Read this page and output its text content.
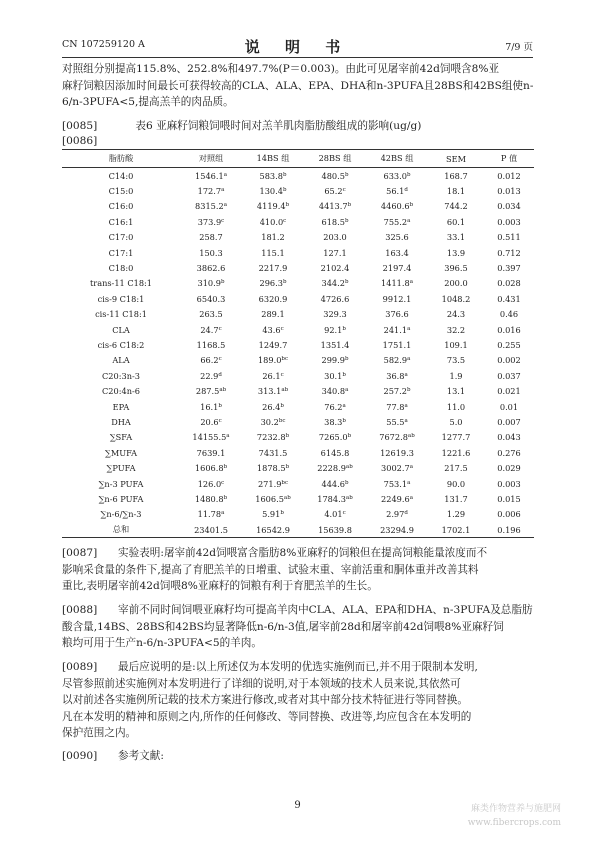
CN 107259120 A	说 明 书	7/9 页
对照组分别提高115.8%、252.8%和497.7%(P＝0.003)。由此可见屠宰前42d饲喂含8%亚
麻籽饲粮因添加时间最长可获得较高的CLA、ALA、EPA、DHA和n-3PUFA且28BS和42BS组使n-
6/n-3PUFA<5,提高羔羊的肉品质。
[0085]	表6 亚麻籽饲粮饲喂时间对羔羊肌肉脂肪酸组成的影响(ug/g)
[0086]
脂肪酸	对照组	14BS 组	28BS 组	42BS 组	SEM	P 值
C14:0	1546.1$^a$	583.8$^b$	480.5$^b$	633.0$^b$	168.7	0.012
C15:0	172.7$^a$	130.4$^b$	65.2$^c$	56.1$^d$	18.1	0.013
C16:0	8315.2$^a$	4119.4$^b$	4413.7$^b$	4460.6$^b$	744.2	0.034
C16:1	373.9$^c$	410.0$^c$	618.5$^b$	755.2$^a$	60.1	0.003
C17:0	258.7	181.2	203.0	325.6	33.1	0.511
C17:1	150.3	115.1	127.1	163.4	13.9	0.712
C18:0	3862.6	2217.9	2102.4	2197.4	396.5	0.397
trans-11 C18:1	310.9$^b$	296.3$^b$	344.2$^b$	1411.8$^a$	200.0	0.028
cis-9 C18:1	6540.3	6320.9	4726.6	9912.1	1048.2	0.431
cis-11 C18:1	263.5	289.1	329.3	376.6	24.3	0.46
CLA	24.7$^c$	43.6$^c$	92.1$^b$	241.1$^a$	32.2	0.016
cis-6 C18:2	1168.5	1249.7	1351.4	1751.1	109.1	0.255
ALA	66.2$^c$	189.0$^{bc}$	299.9$^b$	582.9$^a$	73.5	0.002
C20:3n-3	22.9$^d$	26.1$^c$	30.1$^b$	36.8$^a$	1.9	0.037
C20:4n-6	287.5$^{ab}$	313.1$^{ab}$	340.8$^a$	257.2$^b$	13.1	0.021
EPA	16.1$^b$	26.4$^b$	76.2$^a$	77.8$^a$	11.0	0.01
DHA	20.6$^c$	30.2$^{bc}$	38.3$^b$	55.5$^a$	5.0	0.007
∑SFA	14155.5$^a$	7232.8$^b$	7265.0$^b$	7672.8$^{ab}$	1277.7	0.043
∑MUFA	7639.1	7431.5	6145.8	12619.3	1221.6	0.276
∑PUFA	1606.8$^b$	1878.5$^b$	2228.9$^{ab}$	3002.7$^a$	217.5	0.029
∑n-3 PUFA	126.0$^c$	271.9$^{bc}$	444.6$^b$	753.1$^a$	90.0	0.003
∑n-6 PUFA	1480.8$^b$	1606.5$^{ab}$	1784.3$^{ab}$	2249.6$^a$	131.7	0.015
∑n-6/∑n-3	11.78$^a$	5.91$^b$	4.01$^c$	2.97$^d$	1.29	0.006
总和	23401.5	16542.9	15639.8	23294.9	1702.1	0.196
[0087] 实验表明:屠宰前42d饲喂富含脂肪8%亚麻籽的饲粮但在提高饲粮能量浓度而不
影响采食量的条件下,提高了育肥羔羊的日增重、试验末重、宰前活重和胴体重并改善其料
重比,表明屠宰前42d饲喂8%亚麻籽的饲粮有利于育肥羔羊的生长。
[0088] 宰前不同时间饲喂亚麻籽均可提高羊肉中CLA、ALA、EPA和DHA、n-3PUFA及总脂肪
酸含量,14BS、28BS和42BS均显著降低n-6/n-3值,屠宰前28d和屠宰前42d饲喂8%亚麻籽饲
粮均可用于生产n-6/n-3PUFA<5的羊肉。
[0089] 最后应说明的是:以上所述仅为本发明的优选实施例而已,并不用于限制本发明,
尽管参照前述实施例对本发明进行了详细的说明,对于本领域的技术人员来说,其依然可
以对前述各实施例所记载的技术方案进行修改,或者对其中部分技术特征进行等同替换。
凡在本发明的精神和原则之内,所作的任何修改、等同替换、改进等,均应包含在本发明的
保护范围之内。
[0090] 参考文献:
9	麻类作物营养与施肥网
www.fibercrops.com
